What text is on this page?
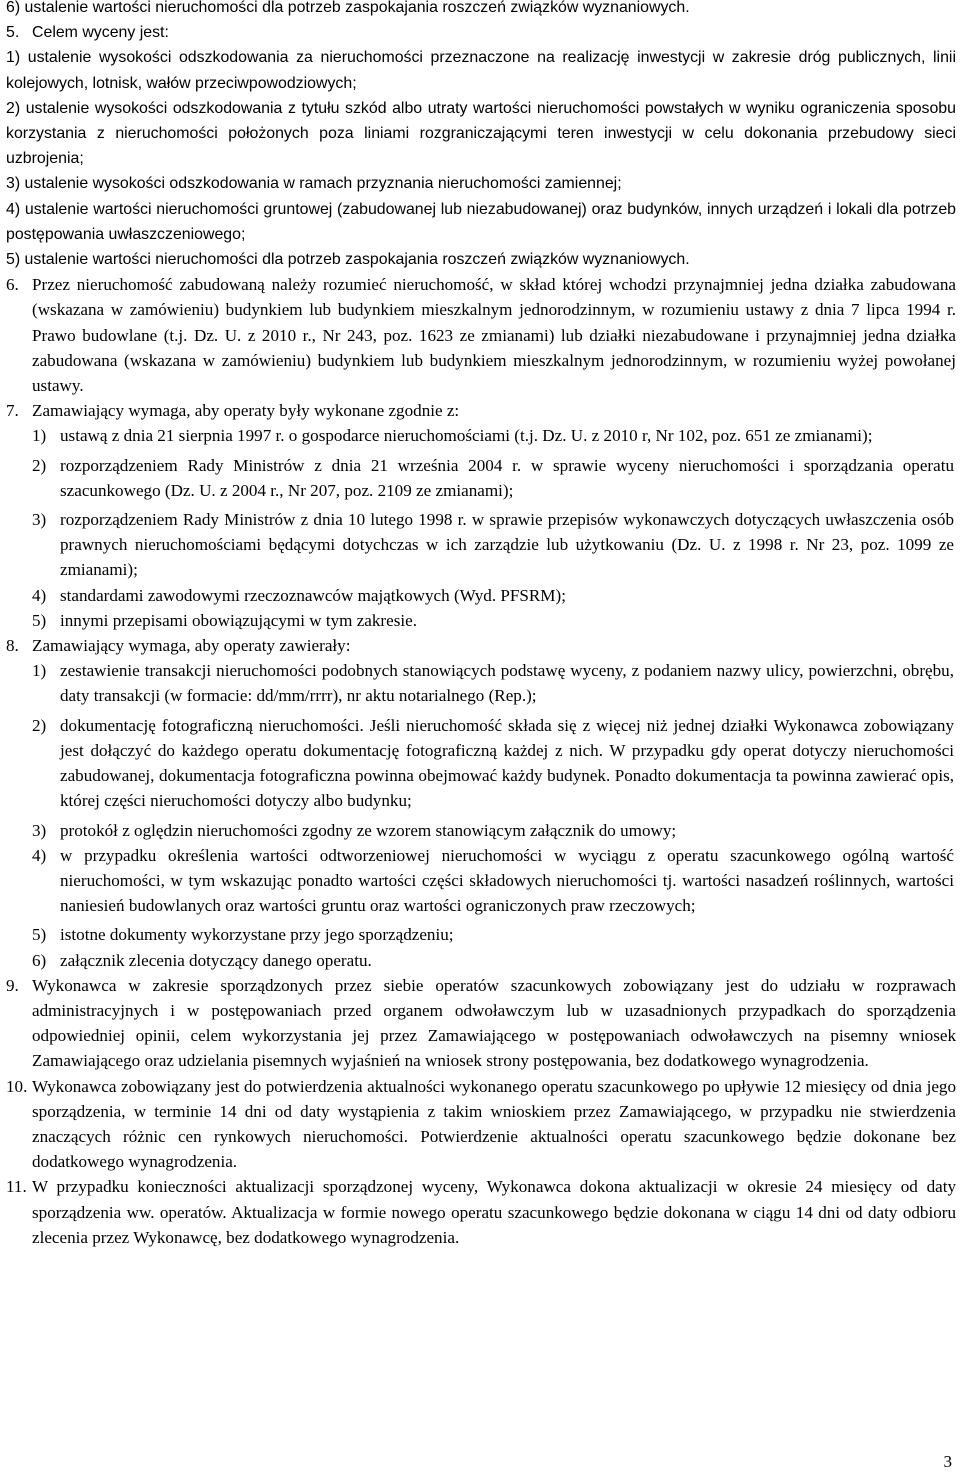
6) ustalenie wartości nieruchomości dla potrzeb zaspokajania roszczeń związków wyznaniowych.

5. Celem wyceny jest:

1) ustalenie wysokości odszkodowania za nieruchomości przeznaczone na realizację inwestycji w zakresie dróg publicznych, linii kolejowych, lotnisk, wałów przeciwpowodziowych;

2) ustalenie wysokości odszkodowania z tytułu szkód albo utraty wartości nieruchomości powstałych w wyniku ograniczenia sposobu korzystania z nieruchomości położonych poza liniami rozgraniczającymi teren inwestycji w celu dokonania przebudowy sieci uzbrojenia;

3) ustalenie wysokości odszkodowania w ramach przyznania nieruchomości zamiennej;

4) ustalenie wartości nieruchomości gruntowej (zabudowanej lub niezabudowanej) oraz budynków, innych urządzeń i lokali dla potrzeb postępowania uwłaszczeniowego;

5) ustalenie wartości nieruchomości dla potrzeb zaspokajania roszczeń związków wyznaniowych.

6. Przez nieruchomość zabudowaną należy rozumieć nieruchomość, w skład której wchodzi przynajmniej jedna działka zabudowana (wskazana w zamówieniu) budynkiem lub budynkiem mieszkalnym jednorodzinnym, w rozumieniu ustawy z dnia 7 lipca 1994 r. Prawo budowlane (t.j. Dz. U. z 2010 r., Nr 243, poz. 1623 ze zmianami) lub działki niezabudowane i przynajmniej jedna działka zabudowana (wskazana w zamówieniu) budynkiem lub budynkiem mieszkalnym jednorodzinnym, w rozumieniu wyżej powołanej ustawy.

7. Zamawiający wymaga, aby operaty były wykonane zgodnie z:

1) ustawą z dnia 21 sierpnia 1997 r. o gospodarce nieruchomościami (t.j. Dz. U. z 2010 r, Nr 102, poz. 651 ze zmianami);

2) rozporządzeniem Rady Ministrów z dnia 21 września 2004 r. w sprawie wyceny nieruchomości i sporządzania operatu szacunkowego (Dz. U. z 2004 r., Nr 207, poz. 2109 ze zmianami);

3) rozporządzeniem Rady Ministrów z dnia 10 lutego 1998 r. w sprawie przepisów wykonawczych dotyczących uwłaszczenia osób prawnych nieruchomościami będącymi dotychczas w ich zarządzie lub użytkowaniu (Dz. U. z 1998 r. Nr 23, poz. 1099 ze zmianami);

4) standardami zawodowymi rzeczoznawców majątkowych (Wyd. PFSRM);

5) innymi przepisami obowiązującymi w tym zakresie.

8. Zamawiający wymaga, aby operaty zawierały:

1) zestawienie transakcji nieruchomości podobnych stanowiących podstawę wyceny, z podaniem nazwy ulicy, powierzchni, obrębu, daty transakcji (w formacie: dd/mm/rrrr), nr aktu notarialnego (Rep.);

2) dokumentację fotograficzną nieruchomości. Jeśli nieruchomość składa się z więcej niż jednej działki Wykonawca zobowiązany jest dołączyć do każdego operatu dokumentację fotograficzną każdej z nich. W przypadku gdy operat dotyczy nieruchomości zabudowanej, dokumentacja fotograficzna powinna obejmować każdy budynek. Ponadto dokumentacja ta powinna zawierać opis, której części nieruchomości dotyczy albo budynku;

3) protokół z oględzin nieruchomości zgodny ze wzorem stanowiącym załącznik do umowy;

4) w przypadku określenia wartości odtworzeniowej nieruchomości w wyciągu z operatu szacunkowego ogólną wartość nieruchomości, w tym wskazując ponadto wartości części składowych nieruchomości tj. wartości nasadzeń roślinnych, wartości naniesień budowlanych oraz wartości gruntu oraz wartości ograniczonych praw rzeczowych;

5) istotne dokumenty wykorzystane przy jego sporządzeniu;

6) załącznik zlecenia dotyczący danego operatu.

9. Wykonawca w zakresie sporządzonych przez siebie operatów szacunkowych zobowiązany jest do udziału w rozprawach administracyjnych i w postępowaniach przed organem odwoławczym lub w uzasadnionych przypadkach do sporządzenia odpowiedniej opinii, celem wykorzystania jej przez Zamawiającego w postępowaniach odwoławczych na pisemny wniosek Zamawiającego oraz udzielania pisemnych wyjaśnień na wniosek strony postępowania, bez dodatkowego wynagrodzenia.

10. Wykonawca zobowiązany jest do potwierdzenia aktualności wykonanego operatu szacunkowego po upływie 12 miesięcy od dnia jego sporządzenia, w terminie 14 dni od daty wystąpienia z takim wnioskiem przez Zamawiającego, w przypadku nie stwierdzenia znaczących różnic cen rynkowych nieruchomości. Potwierdzenie aktualności operatu szacunkowego będzie dokonane bez dodatkowego wynagrodzenia.

11. W przypadku konieczności aktualizacji sporządzonej wyceny, Wykonawca dokona aktualizacji w okresie 24 miesięcy od daty sporządzenia ww. operatów. Aktualizacja w formie nowego operatu szacunkowego będzie dokonana w ciągu 14 dni od daty odbioru zlecenia przez Wykonawcę, bez dodatkowego wynagrodzenia.

3
